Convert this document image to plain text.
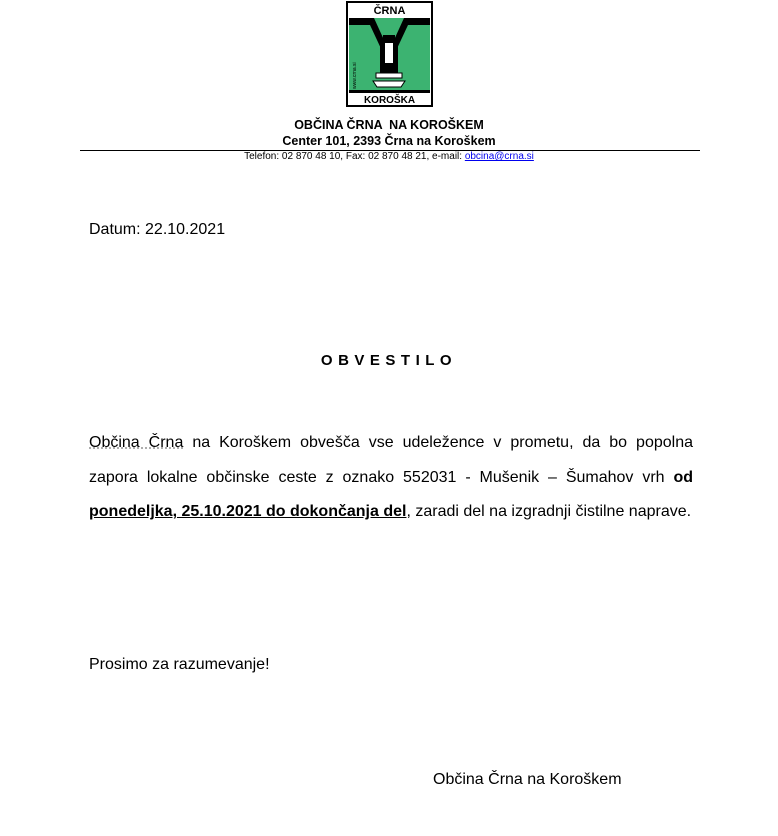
ČRNA
KOROŠKA
www.crna.si
OBČINA ČRNA  NA KOROŠKEM
Center 101, 2393 Črna na Koroškem
Telefon: 02 870 48 10, Fax: 02 870 48 21, e-mail: obcina@crna.si
Datum: 22.10.2021
OBVESTILO

Občina Črna na Koroškem obvešča vse udeležence v prometu, da bo popolna zapora lokalne občinske ceste z oznako 552031 - Mušenik – Šumahov vrh od ponedeljka, 25.10.2021 do dokončanja del, zaradi del na izgradnji čistilne naprave.

Prosimo za razumevanje!
Občina Črna na Koroškem
